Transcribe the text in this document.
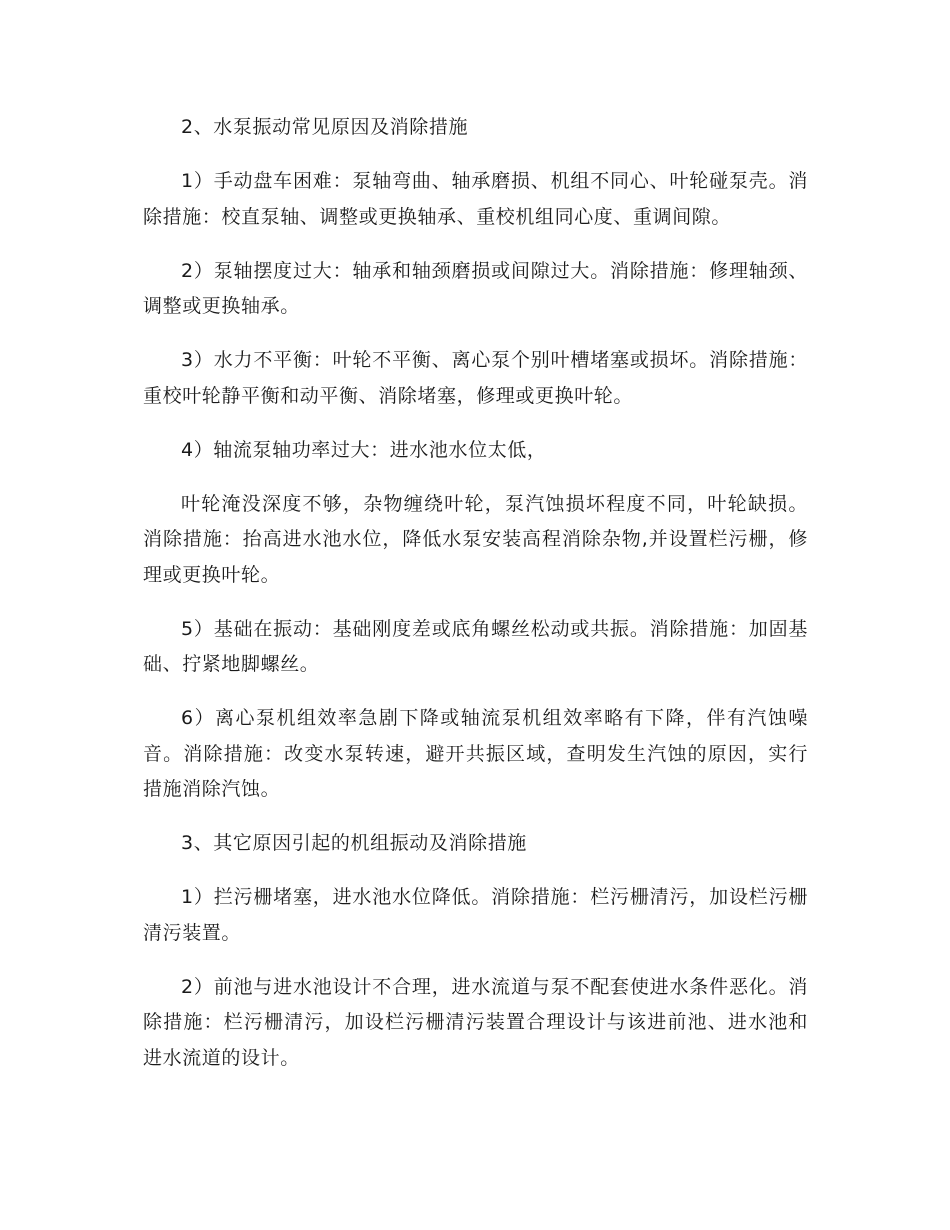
2、水泵振动常见原因及消除措施

1）手动盘车困难：泵轴弯曲、轴承磨损、机组不同心、叶轮碰泵壳。消除措施：校直泵轴、调整或更换轴承、重校机组同心度、重调间隙。

2）泵轴摆度过大：轴承和轴颈磨损或间隙过大。消除措施：修理轴颈、调整或更换轴承。

3）水力不平衡：叶轮不平衡、离心泵个别叶槽堵塞或损坏。消除措施：重校叶轮静平衡和动平衡、消除堵塞，修理或更换叶轮。

4）轴流泵轴功率过大：进水池水位太低，

叶轮淹没深度不够，杂物缠绕叶轮，泵汽蚀损坏程度不同，叶轮缺损。消除措施：抬高进水池水位，降低水泵安装高程消除杂物,并设置栏污栅，修理或更换叶轮。

5）基础在振动：基础刚度差或底角螺丝松动或共振。消除措施：加固基础、拧紧地脚螺丝。

6）离心泵机组效率急剧下降或轴流泵机组效率略有下降，伴有汽蚀噪音。消除措施：改变水泵转速，避开共振区域，查明发生汽蚀的原因，实行措施消除汽蚀。

3、其它原因引起的机组振动及消除措施

1）拦污栅堵塞，进水池水位降低。消除措施：栏污栅清污，加设栏污栅清污装置。

2）前池与进水池设计不合理，进水流道与泵不配套使进水条件恶化。消除措施：栏污栅清污，加设栏污栅清污装置合理设计与该进前池、进水池和进水流道的设计。
